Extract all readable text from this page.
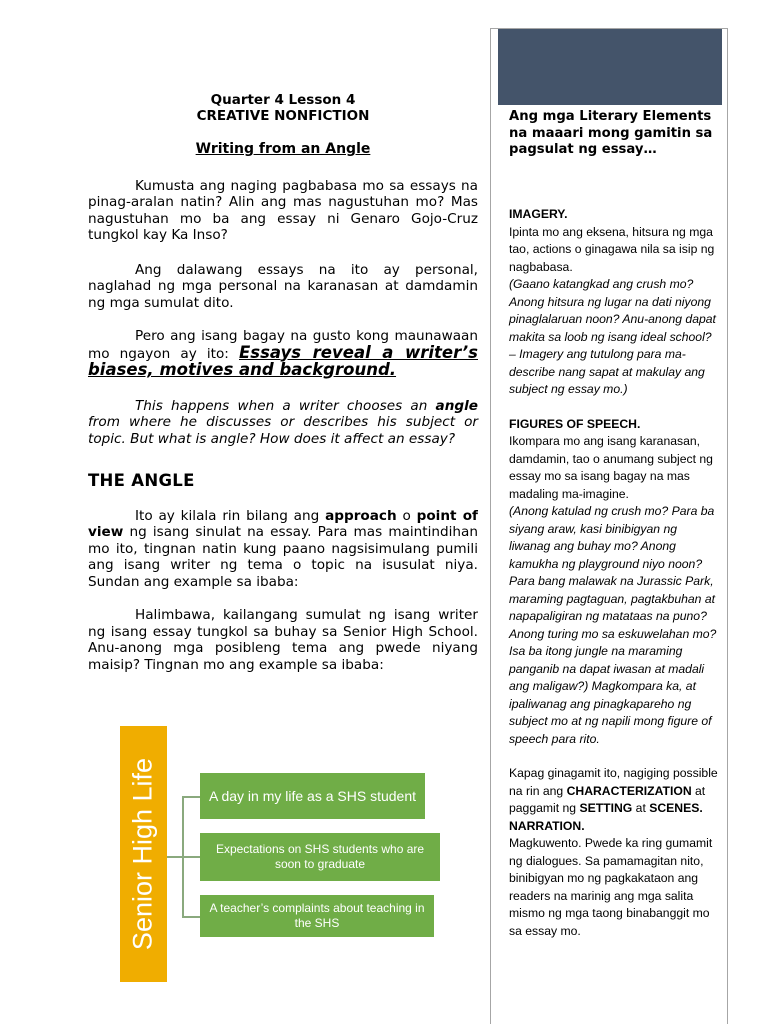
Quarter 4 Lesson 4
CREATIVE NONFICTION
Writing from an Angle

Kumusta ang naging pagbabasa mo sa essays na pinag-aralan natin? Alin ang mas nagustuhan mo? Mas nagustuhan mo ba ang essay ni Genaro Gojo-Cruz tungkol kay Ka Inso?

Ang dalawang essays na ito ay personal, naglahad ng mga personal na karanasan at damdamin ng mga sumulat dito.

Pero ang isang bagay na gusto kong maunawaan mo ngayon ay ito: Essays reveal a writer’s biases, motives and background.

This happens when a writer chooses an angle from where he discusses or describes his subject or topic. But what is angle? How does it affect an essay?

THE ANGLE

Ito ay kilala rin bilang ang approach o point of view ng isang sinulat na essay. Para mas maintindihan mo ito, tingnan natin kung paano nagsisimulang pumili ang isang writer ng tema o topic na isusulat niya. Sundan ang example sa ibaba:

Halimbawa, kailangang sumulat ng isang writer ng isang essay tungkol sa buhay sa Senior High School. Anu-anong mga posibleng tema ang pwede niyang maisip? Tingnan mo ang example sa ibaba:

Senior High Life	A day in my life as a SHS student
Expectations on SHS students who are soon to graduate
A teacher’s complaints about teaching in the SHS
Ang mga Literary Elements na maaari mong gamitin sa pagsulat ng essay…
IMAGERY.
Ipinta mo ang eksena, hitsura ng mga tao, actions o ginagawa nila sa isip ng nagbabasa.
(Gaano katangkad ang crush mo? Anong hitsura ng lugar na dati niyong pinaglalaruan noon? Anu-anong dapat makita sa loob ng isang ideal school? – Imagery ang tutulong para ma-describe nang sapat at makulay ang subject ng essay mo.)
FIGURES OF SPEECH.
Ikompara mo ang isang karanasan, damdamin, tao o anumang subject ng essay mo sa isang bagay na mas madaling ma-imagine.
(Anong katulad ng crush mo? Para ba siyang araw, kasi binibigyan ng liwanag ang buhay mo? Anong kamukha ng playground niyo noon? Para bang malawak na Jurassic Park, maraming pagtaguan, pagtakbuhan at napapaligiran ng matataas na puno? Anong turing mo sa eskuwelahan mo? Isa ba itong jungle na maraming panganib na dapat iwasan at madali ang maligaw?) Magkompara ka, at ipaliwanag ang pinagkapareho ng subject mo at ng napili mong figure of speech para rito.
Kapag ginagamit ito, nagiging possible na rin ang CHARACTERIZATION at paggamit ng SETTING at SCENES.
NARRATION.
Magkuwento. Pwede ka ring gumamit ng dialogues. Sa pamamagitan nito, binibigyan mo ng pagkakataon ang readers na marinig ang mga salita mismo ng mga taong binabanggit mo sa essay mo.
